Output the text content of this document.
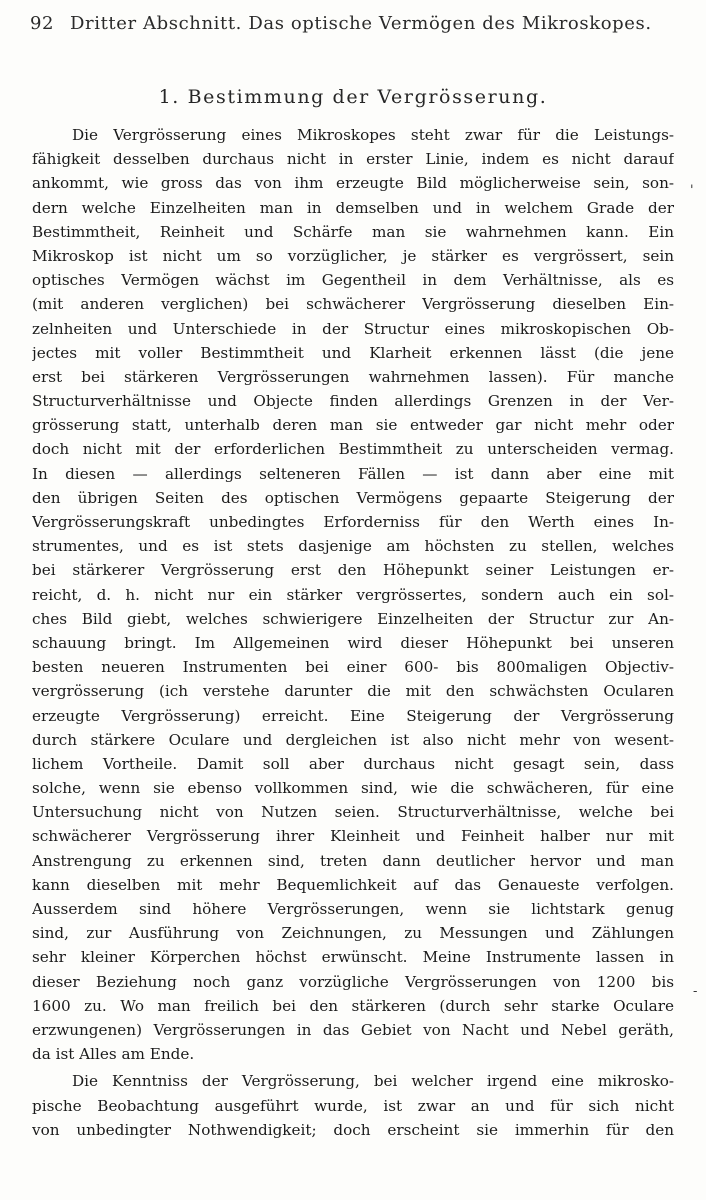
92 Dritter Abschnitt. Das optische Vermögen des Mikroskopes.
1. Bestimmung der Vergrösserung.
Die Vergrösserung eines Mikroskopes steht zwar für die Leistungs-
fähigkeit desselben durchaus nicht in erster Linie, indem es nicht darauf
ankommt, wie gross das von ihm erzeugte Bild möglicherweise sein, son-
dern welche Einzelheiten man in demselben und in welchem Grade der
Bestimmtheit, Reinheit und Schärfe man sie wahrnehmen kann. Ein
Mikroskop ist nicht um so vorzüglicher, je stärker es vergrössert, sein
optisches Vermögen wächst im Gegentheil in dem Verhältnisse, als es
(mit anderen verglichen) bei schwächerer Vergrösserung dieselben Ein-
zelnheiten und Unterschiede in der Structur eines mikroskopischen Ob-
jectes mit voller Bestimmtheit und Klarheit erkennen lässt (die jene
erst bei stärkeren Vergrösserungen wahrnehmen lassen). Für manche
Structurverhältnisse und Objecte finden allerdings Grenzen in der Ver-
grösserung statt, unterhalb deren man sie entweder gar nicht mehr oder
doch nicht mit der erforderlichen Bestimmtheit zu unterscheiden vermag.
In diesen — allerdings selteneren Fällen — ist dann aber eine mit
den übrigen Seiten des optischen Vermögens gepaarte Steigerung der
Vergrösserungskraft unbedingtes Erforderniss für den Werth eines In-
strumentes, und es ist stets dasjenige am höchsten zu stellen, welches
bei stärkerer Vergrösserung erst den Höhepunkt seiner Leistungen er-
reicht, d. h. nicht nur ein stärker vergrössertes, sondern auch ein sol-
ches Bild giebt, welches schwierigere Einzelheiten der Structur zur An-
schauung bringt. Im Allgemeinen wird dieser Höhepunkt bei unseren
besten neueren Instrumenten bei einer 600- bis 800maligen Objectiv-
vergrösserung (ich verstehe darunter die mit den schwächsten Ocularen
erzeugte Vergrösserung) erreicht. Eine Steigerung der Vergrösserung
durch stärkere Oculare und dergleichen ist also nicht mehr von wesent-
lichem Vortheile. Damit soll aber durchaus nicht gesagt sein, dass
solche, wenn sie ebenso vollkommen sind, wie die schwächeren, für eine
Untersuchung nicht von Nutzen seien. Structurverhältnisse, welche bei
schwächerer Vergrösserung ihrer Kleinheit und Feinheit halber nur mit
Anstrengung zu erkennen sind, treten dann deutlicher hervor und man
kann dieselben mit mehr Bequemlichkeit auf das Genaueste verfolgen.
Ausserdem sind höhere Vergrösserungen, wenn sie lichtstark genug
sind, zur Ausführung von Zeichnungen, zu Messungen und Zählungen
sehr kleiner Körperchen höchst erwünscht. Meine Instrumente lassen in
dieser Beziehung noch ganz vorzügliche Vergrösserungen von 1200 bis
1600 zu. Wo man freilich bei den stärkeren (durch sehr starke Oculare
erzwungenen) Vergrösserungen in das Gebiet von Nacht und Nebel geräth,
da ist Alles am Ende.
Die Kenntniss der Vergrösserung, bei welcher irgend eine mikrosko-
pische Beobachtung ausgeführt wurde, ist zwar an und für sich nicht
von unbedingter Nothwendigkeit; doch erscheint sie immerhin für den
'
-
